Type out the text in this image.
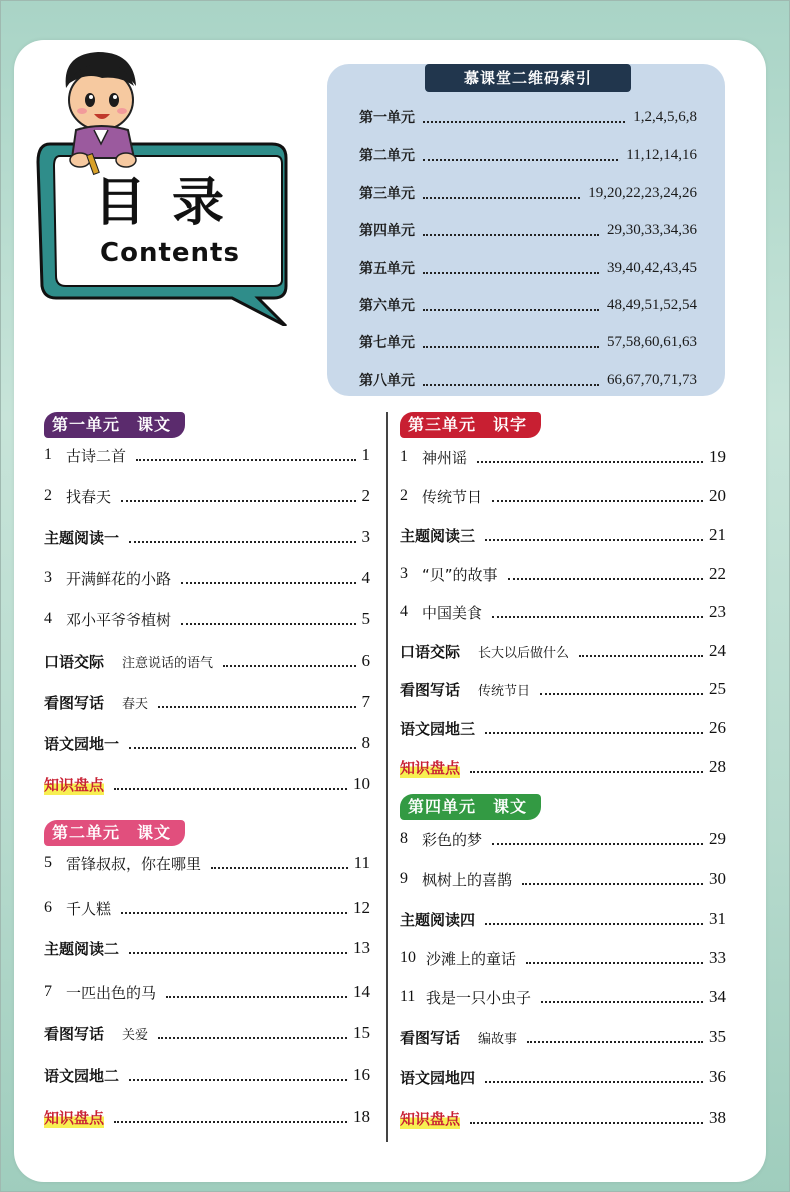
目录
Contents
慕课堂二维码索引
第一单元	1,2,4,5,6,8
第二单元	11,12,14,16
第三单元	19,20,22,23,24,26
第四单元	29,30,33,34,36
第五单元	39,40,42,43,45
第六单元	48,49,51,52,54
第七单元	57,58,60,61,63
第八单元	66,67,70,71,73
第一单元　课文
1 古诗二首	1
2 找春天	2
主题阅读一	3
3 开满鲜花的小路	4
4 邓小平爷爷植树	5
口语交际 注意说话的语气	6
看图写话 春天	7
语文园地一	8
知识盘点	10
第二单元　课文
5 雷锋叔叔，你在哪里	11
6 千人糕	12
主题阅读二	13
7 一匹出色的马	14
看图写话 关爱	15
语文园地二	16
知识盘点	18
第三单元　识字
1 神州谣	19
2 传统节日	20
主题阅读三	21
3 “贝”的故事	22
4 中国美食	23
口语交际 长大以后做什么	24
看图写话 传统节日	25
语文园地三	26
知识盘点	28
第四单元　课文
8 彩色的梦	29
9 枫树上的喜鹊	30
主题阅读四	31
10 沙滩上的童话	33
11 我是一只小虫子	34
看图写话 编故事	35
语文园地四	36
知识盘点	38
